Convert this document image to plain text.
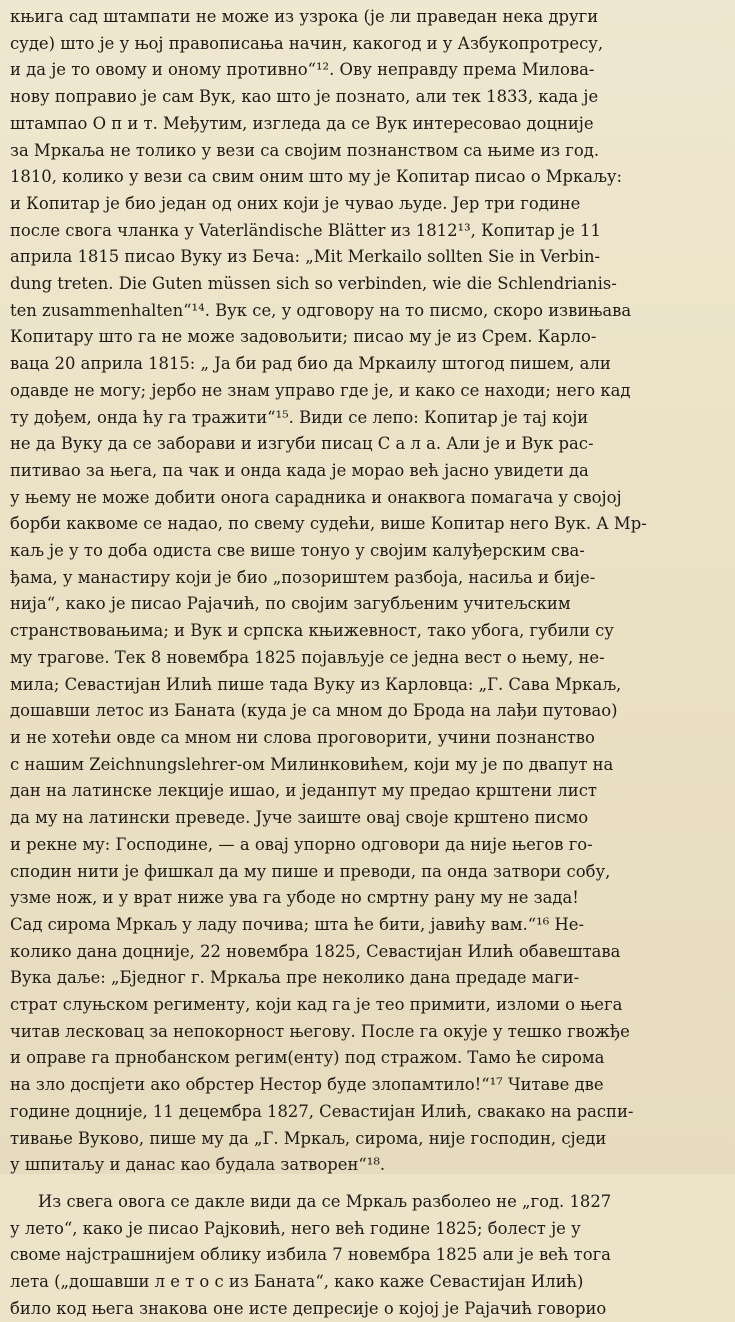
књига сад штампати не може из узрока (је ли праведан нека други
суде) што је у њој правописања начин, какогод и у Азбукопротресу,
и да је то овому и оному противно“¹². Ову неправду према Милова-
нову поправио је сам Вук, као што је познато, али тек 1833, када је
штампао О п и т. Међутим, изгледа да се Вук интересовао доцније
за Мркаља не толико у вези са својим познанством са њиме из год.
1810, колико у вези са свим оним што му је Копитар писао о Мркаљу:
и Копитар је био један од оних који је чувао људе. Јер три године
после свога чланка у Vaterländische Blätter из 1812¹³, Копитар је 11
априла 1815 писао Вуку из Беча: „Mit Merkailo sollten Sie in Verbin-
dung treten. Die Guten müssen sich so verbinden, wie die Schlendrianis-
ten zusammenhalten“¹⁴. Вук се, у одговору на то писмо, скоро извињава
Копитару што га не може задовољити; писао му је из Срем. Карло-
ваца 20 априла 1815: „ Ја би рад био да Мркаилу штогод пишем, али
одавде не могу; јербо не знам управо где је, и како се находи; него кад
ту дођем, онда ћу га тражити“¹⁵. Види се лепо: Копитар је тај који
не да Вуку да се заборави и изгуби писац С а л а. Али је и Вук рас-
питивао за њега, па чак и онда када је морао већ јасно увидети да
у њему не може добити онога сарадника и онаквога помагача у својој
борби каквоме се надао, по свему судећи, више Копитар него Вук. А Мр-
каљ је у то доба одиста све више тонуо у својим калуђерским сва-
ђама, у манастиру који је био „позориштем разбоја, насиља и бије-
нија“, како је писао Рајачић, по својим загубљеним учитељским
странствовањима; и Вук и српска књижевност, тако убога, губили су
му трагове. Тек 8 новембра 1825 појављује се једна вест о њему, не-
мила; Севастијан Илић пише тада Вуку из Карловца: „Г. Сава Мркаљ,
дошавши летос из Баната (куда је са мном до Брода на лађи путовао)
и не хотећи овде са мном ни слова проговорити, учини познанство
с нашим Zeichnungslehrer-ом Милинковићем, који му је по двапут на
дан на латинске лекције ишао, и једанпут му предао крштени лист
да му на латински преведе. Јуче заиште овај своје крштено писмо
и рекне му: Господине, — а овај упорно одговори да није његов го-
сподин нити је фишкал да му пише и преводи, па онда затвори собу,
узме нож, и у врат ниже ува га убоде но смртну рану му не зада!
Сад сирома Мркаљ у ладу почива; шта ће бити, јавићу вам.“¹⁶ Не-
колико дана доцније, 22 новембра 1825, Севастијан Илић обавештава
Вука даље: „Бједног г. Мркаља пре неколико дана предаде маги-
страт слуњском регименту, који кад га је тео примити, изломи о њега
читав лесковац за непокорност његову. После га окује у тешко гвожђе
и оправе га прнобанском регим(енту) под стражом. Тамо ће сирома
на зло доспјети ако обрстер Нестор буде злопамтило!“¹⁷ Читаве две
године доцније, 11 децембра 1827, Севастијан Илић, свакако на распи-
тивање Вуково, пише му да „Г. Мркаљ, сирома, није господин, сједи
у шпитаљу и данас као будала затворен“¹⁸.

Из свега овога се дакле види да се Мркаљ разболео не „год. 1827
у лето“, како је писао Рајковић, него већ године 1825; болест је у
своме најстрашнијем облику избила 7 новембра 1825 али је већ тога
лета („дошавши л е т о с из Баната“, како каже Севастијан Илић)
било код њега знакова оне исте депресије о којој је Рајачић говорио
